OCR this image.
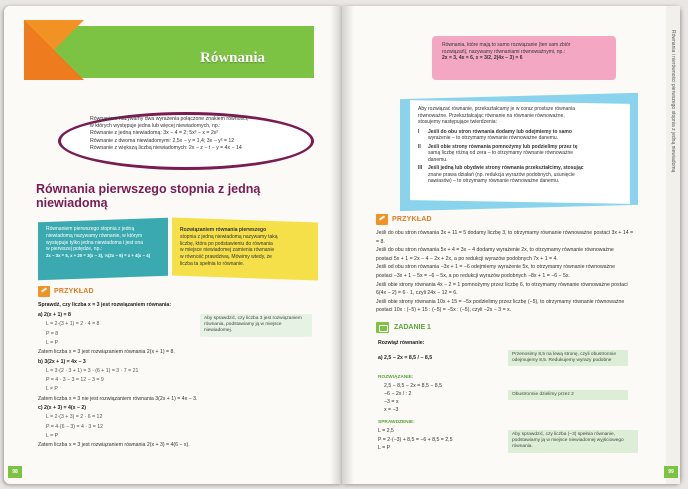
Równania
Równaniem nazywamy dwa wyrażenia połączone znakiem równości,
w których występuje jedna lub więcej niewiadomych, np.:
Równanie z jedną niewiadomą: 3x − 4 = 2; 5x³ − x = 2x²
Równanie z dwoma niewiadomymi: 2,5x − y = 1,4; 3x − y² = 12
Równanie z większą liczbą niewiadomych: 2x − z − t − y = 4x − 14
Równania pierwszego stopnia z jedną niewiadomą
Równaniem pierwszego stopnia z jedną
niewiadomą nazywamy równanie, w którym
występuje tylko jedna niewiadoma i jest ona
w pierwszej potędze, np.:
2x − 3x = 5, x + 20 = 3(x − 3), ⅓(2x − 6) = x + 4(x − 4)
Rozwiązaniem równania pierwszego
stopnia z jedną niewiadomą nazywamy taką
liczbę, która po podstawieniu do równania
w miejsce niewiadomej zamienia równanie
w równość prawdziwą. Mówimy wtedy, że
liczba ta spełnia to równanie.
PRZYKŁAD
Sprawdź, czy liczba x = 3 jest rozwiązaniem równania:
a) 2(x + 1) = 8
L = 2·(3 + 1) = 2 · 4 = 8
P = 8
L = P
Zatem liczba x = 3 jest rozwiązaniem równania 2(x + 1) = 8.
b) 3(2x + 1) = 4x − 3
L = 3·(2 · 3 + 1) = 3 · (6 + 1) = 3 · 7 = 21
P = 4 · 3 − 3 = 12 − 3 = 9
L ≠ P
Zatem liczba x = 3 nie jest rozwiązaniem równania 3(2x + 1) = 4x − 3.
c) 2(x + 3) = 4(x − 2)
L = 2·(3 + 3) = 2 · 6 = 12
P = 4·(6 − 3) = 4 · 3 = 12
L = P
Zatem liczba x = 3 jest rozwiązaniem równania 2(x + 3) = 4(6 − x).
Aby sprawdzić, czy liczba 3 jest rozwiązaniem równania, podstawiamy ją w miejsce niewiadomej.
98
Równania i nierówności pierwszego stopnia z jedną niewiadomą
Równania, które mają to samo rozwiązanie (ten sam zbiór
rozwiązań), nazywamy równaniami równoważnymi, np.:
2x = 3, 4x = 6, x = 3/2, 2(4x − 3) = 6
Aby rozwiązać równanie, przekształcamy je w coraz prostsze równania
równoważne. Przekształcając równanie na równanie równoważne,
stosujemy następujące twierdzenia:
I Jeśli do obu stron równania dodamy lub odejmiemy to samo
wyrażenie – to otrzymamy równanie równoważne danemu.
II Jeśli obie strony równania pomnożymy lub podzielimy przez tę
samą liczbę różną od zera – to otrzymamy równanie równoważne
danemu.
III Jeśli jedną lub obydwie strony równania przekształcimy, stosując
znane prawa działań (np. redukcja wyrazów podobnych, usunięcie
nawiasów) – to otrzymamy równanie równoważne danemu.
PRZYKŁAD
Jeśli do obu stron równania 3x + 11 = 5 dodamy liczbę 3, to otrzymamy równanie równoważne postaci 3x + 14 =
= 8.
Jeśli do obu stron równania 5x + 4 = 3x − 4 dodamy wyrażenie 2x, to otrzymamy równanie równoważne
postaci 5x + 1 = 2x − 4 − 2x + 2x, a po redukcji wyrazów podobnych 7x + 1 = 4.
Jeśli od obu stron równania −3x + 1 = −6 odejmiemy wyrażenie 5x, to otrzymamy równanie równoważne
postaci −3x + 1 − 5x = −6 − 5x, a po redukcji wyrazów podobnych −8x + 1 = −6 − 5x.
Jeśli obie strony równania 4x − 2 = 1 pomnożymy przez liczbę 6, to otrzymamy równanie równoważne postaci
6(4x − 2) = 6 · 1, czyli 24x − 12 = 6.
Jeśli obie strony równania 10x + 15 = −5x podzielimy przez liczbę (−5), to otrzymamy równanie równoważne
postaci 10x : (−5) + 15 : (−5) = −5x : (−5), czyli −2x − 3 = x.
ZADANIE 1
Rozwiąż równanie:
a) 2,5 − 2x = 8,5 / − 8,5
ROZWIĄZANIE:
2,5 − 8,5 − 2x = 8,5 − 8,5
−6 − 2x / : 2
−3 = x
x = −3
SPRAWDZENIE:
L = 2,5
P = 2·(−3) + 8,5 = −6 + 8,5 = 2,5
L = P
Przenosimy 8,5 na lewą stronę, czyli obustronnie odejmujemy 8,5. Redukujemy wyrazy podobne
Obustronnie dzielimy przez 2
Aby sprawdzić, czy liczba (−3) spełnia równanie, podstawiamy ją w miejsce niewiadomej wyjściowego równania.
99
